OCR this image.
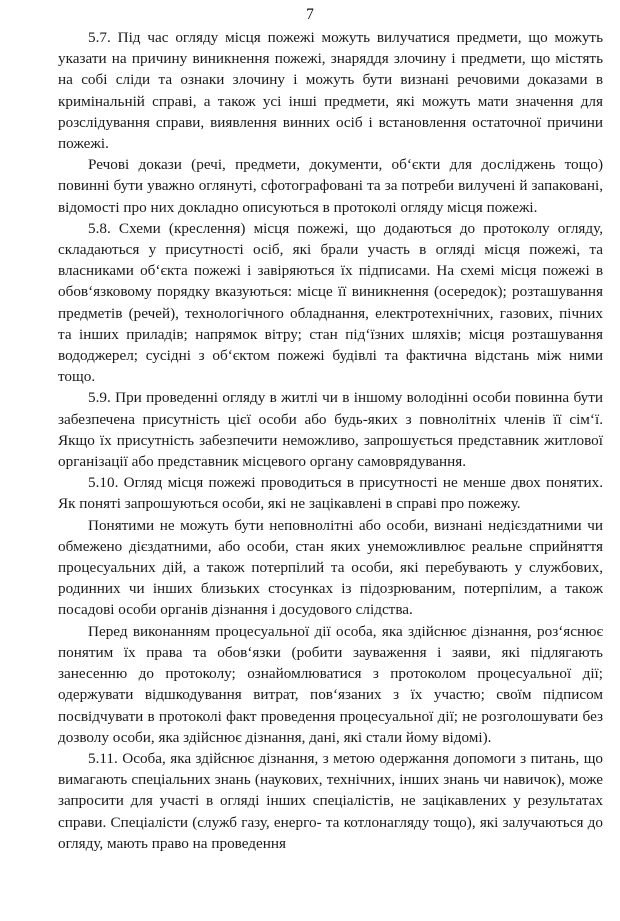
7

5.7. Під час огляду місця пожежі можуть вилучатися предмети, що можуть указати на причину виникнення пожежі, знаряддя злочину і предмети, що містять на собі сліди та ознаки злочину і можуть бути визнані речовими доказами в кримінальній справі, а також усі інші предмети, які можуть мати значення для розслідування справи, виявлення винних осіб і встановлення остаточної причини пожежі.

Речові докази (речі, предмети, документи, об‘єкти для досліджень тощо) повинні бути уважно оглянуті, сфотографовані та за потреби вилучені й запаковані, відомості про них докладно описуються в протоколі огляду місця пожежі.

5.8. Схеми (креслення) місця пожежі, що додаються до протоколу огляду, складаються у присутності осіб, які брали участь в огляді місця пожежі, та власниками об‘єкта пожежі і завіряються їх підписами. На схемі місця пожежі в обов‘язковому порядку вказуються: місце її виникнення (осередок); розташування предметів (речей), технологічного обладнання, електротехнічних, газових, пічних та інших приладів; напрямок вітру; стан під‘їзних шляхів; місця розташування вододжерел; сусідні з об‘єктом пожежі будівлі та фактична відстань між ними тощо.

5.9. При проведенні огляду в житлі чи в іншому володінні особи повинна бути забезпечена присутність цієї особи або будь-яких з повнолітніх членів її сім‘ї. Якщо їх присутність забезпечити неможливо, запрошується представник житлової організації або представник місцевого органу самоврядування.

5.10. Огляд місця пожежі проводиться в присутності не менше двох понятих. Як поняті запрошуються особи, які не зацікавлені в справі про пожежу.

Понятими не можуть бути неповнолітні або особи, визнані недієздатними чи обмежено дієздатними, або особи, стан яких унеможливлює реальне сприйняття процесуальних дій, а також потерпілий та особи, які перебувають у службових, родинних чи інших близьких стосунках із підозрюваним, потерпілим, а також посадові особи органів дізнання і досудового слідства.

Перед виконанням процесуальної дії особа, яка здійснює дізнання, роз‘яснює понятим їх права та обов‘язки (робити зауваження і заяви, які підлягають занесенню до протоколу; ознайомлюватися з протоколом процесуальної дії; одержувати відшкодування витрат, пов‘язаних з їх участю; своїм підписом посвідчувати в протоколі факт проведення процесуальної дії; не розголошувати без дозволу особи, яка здійснює дізнання, дані, які стали йому відомі).

5.11. Особа, яка здійснює дізнання, з метою одержання допомоги з питань, що вимагають спеціальних знань (наукових, технічних, інших знань чи навичок), може запросити для участі в огляді інших спеціалістів, не зацікавлених у результатах справи. Спеціалісти (служб газу, енерго- та котлонагляду тощо), які залучаються до огляду, мають право на проведення
